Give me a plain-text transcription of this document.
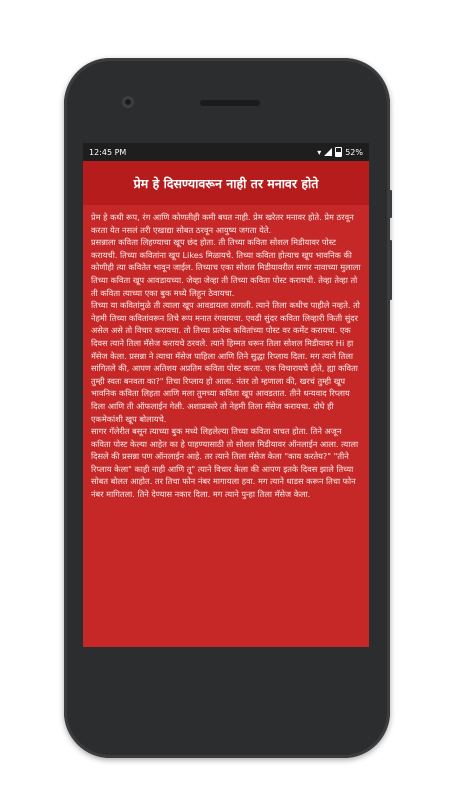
12:45 PM	▾	52%
प्रेम हे दिसण्यावरून नाही तर मनावर होते

प्रेम हे कधी रूप, रंग आणि कोणतीही कमी बघत नाही. प्रेम खरेतर मनावर होते. प्रेम ठरवून करता येत नसलं तरी एखाद्या सोबत ठरवून आयुष्य जगता येते.

प्रसन्नाला कविता लिहण्याचा खूप छंद होता. ती तिच्या कविता सोशल मिडीयावर पोस्ट करायची. तिच्या कवितांना खूप Likes मिळायचे. तिच्या कविता होत्याच खूप भावनिक की कोणीही त्या कवितेत भावून जाईल. तिच्याच एका सोशल मिडीयावरील सागर नावाच्या मुलाला तिच्या कविता खूप आवडायच्या. जेव्हा जेव्हा ती तिच्या कविता पोस्ट करायची. तेव्हा तेव्हा तो ती कविता त्याच्या एका बुक मध्ये लिहून ठेवायचा.

तिच्या या कवितांमुळे ती त्याला खूप आवडायला लागली. त्याने तिला कधीच पाहीले नव्हते. तो नेहमी तिच्या कवितांवरून तिचे रूप मनात रंगवायचा. एवढी सुंदर कविता लिव्हारी किती सुंदर असेल असे तो विचार करायचा. तो तिच्या प्रत्येक कवितांच्या पोस्ट वर कमेंट करायचा. एक दिवस त्याने तिला मॅसेज करायचे ठरवले. त्याने हिम्मत धरून तिला सोशल मिडीयावर Hi हा मॅसेज केला. प्रसन्ना ने त्याचा मॅसेज पाहिला आणि तिने सुद्धा रिप्लाय दिला. मग त्याने तिला सांगितले की, आपण अतिशय अप्रतिम कविता पोस्ट करता. एक विचारायचे होते, ह्या कविता तुम्ही स्वतः बनवता का?" तिचा रिप्लाय हो आला. नंतर तो म्हणाला की, खरचं तुम्ही खूप भावनिक कविता लिहता आणि मला तुमच्या कविता खूप आवडतात. तीने धन्यवाद रिप्लाय दिला आणि ती ऑफलाईन गेली. अशाप्रकारे तो नेहमी तिला मॅसेज करायचा. दोघे ही एकमेकांशी खूप बोलायचे.

सागर गॅलेरीत बसून त्याच्या बुक मध्ये लिहलेल्या तिच्या कविता वाचत होता. तिने अजून कविता पोस्ट केल्या आहेत का हे पाहण्यासाठी तो सोशल मिडीयावर ऑनलाईन आला. त्याला दिसले की प्रसन्ना पण ऑनलाईन आहे. तर त्याने तिला मॅसेज केला "काय करतेय?" "तीने रिप्लाय केला" काही नाही आणि तू" त्याने विचार केला की आपण इतके दिवस झाले तिच्या सोबत बोलत आहोत. तर तिचा फोन नंबर मागायला हवा. मग त्याने धाडस करून तिचा फोन नंबर मागितला. तिने देण्यास नकार दिला. मग त्याने पुन्हा तिला मॅसेज केला.
